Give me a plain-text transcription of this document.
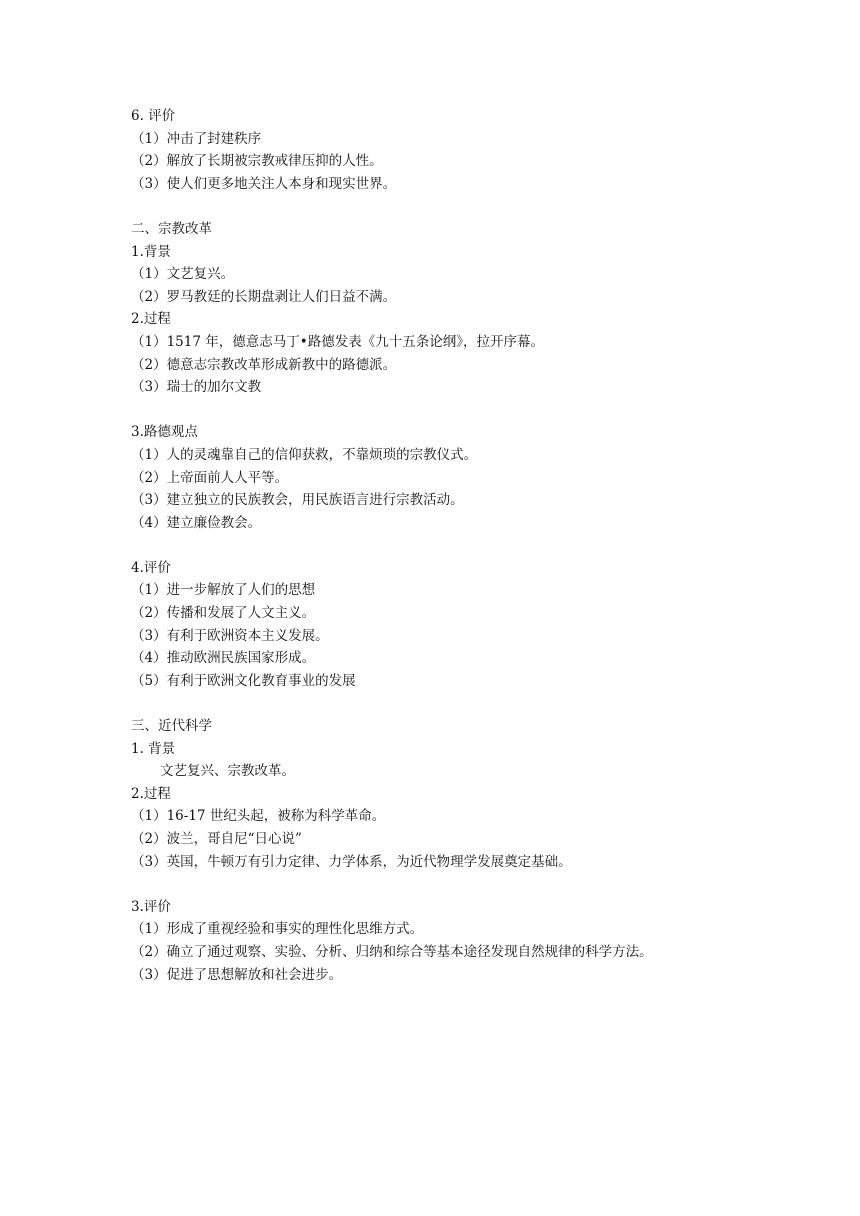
6. 评价
（1）冲击了封建秩序
（2）解放了长期被宗教戒律压抑的人性。
（3）使人们更多地关注人本身和现实世界。
二、宗教改革
1.背景
（1）文艺复兴。
（2）罗马教廷的长期盘剥让人们日益不满。
2.过程
（1）1517 年，德意志马丁•路德发表《九十五条论纲》，拉开序幕。
（2）德意志宗教改革形成新教中的路德派。
（3）瑞士的加尔文教
3.路德观点
（1）人的灵魂靠自己的信仰获救，不靠烦琐的宗教仪式。
（2）上帝面前人人平等。
（3）建立独立的民族教会，用民族语言进行宗教活动。
（4）建立廉俭教会。
4.评价
（1）进一步解放了人们的思想
（2）传播和发展了人文主义。
（3）有利于欧洲资本主义发展。
（4）推动欧洲民族国家形成。
（5）有利于欧洲文化教育事业的发展
三、近代科学
1. 背景
文艺复兴、宗教改革。
2.过程
（1）16-17 世纪头起，被称为科学革命。
（2）波兰，哥自尼“日心说”
（3）英国，牛顿万有引力定律、力学体系，为近代物理学发展奠定基础。
3.评价
（1）形成了重视经验和事实的理性化思维方式。
（2）确立了通过观察、实验、分析、归纳和综合等基本途径发现自然规律的科学方法。
（3）促进了思想解放和社会进步。
